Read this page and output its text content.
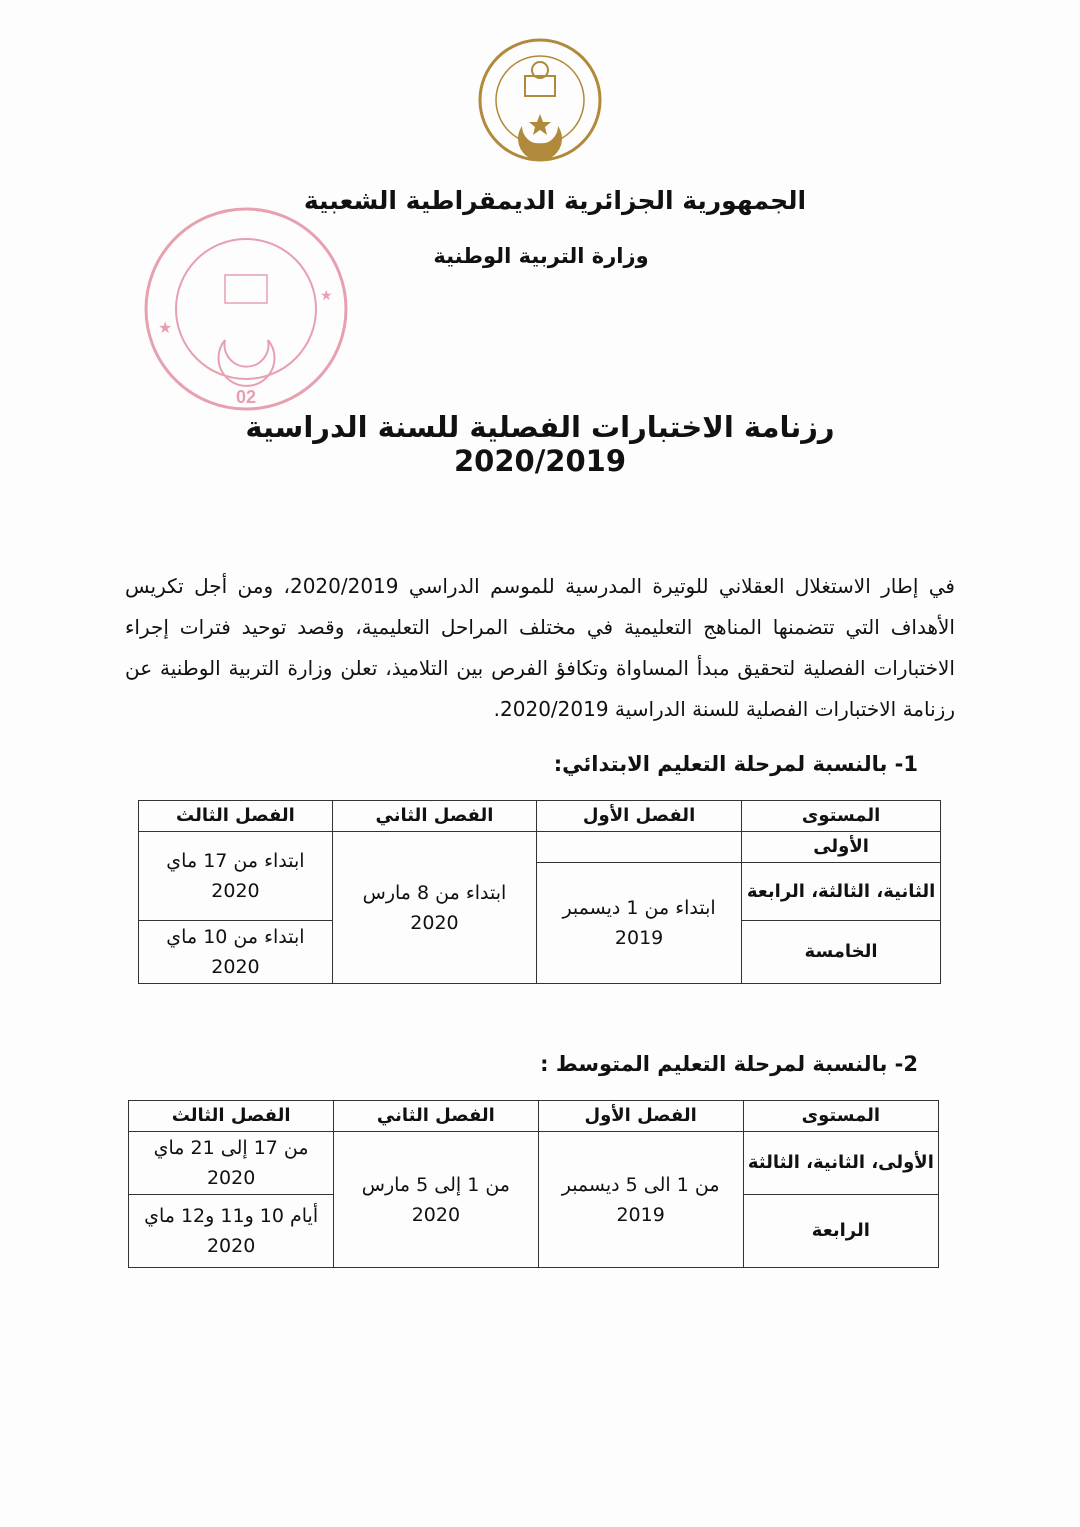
★
★
02
الجمهورية الجزائرية الديمقراطية الشعبية
وزارة التربية الوطنية
رزنامة الاختبارات الفصلية للسنة الدراسية 2020/2019
في إطار الاستغلال العقلاني للوتيرة المدرسية للموسم الدراسي 2020/2019، ومن أجل تكريس الأهداف التي تتضمنها المناهج التعليمية في مختلف المراحل التعليمية، وقصد توحيد فترات إجراء الاختبارات الفصلية لتحقيق مبدأ المساواة وتكافؤ الفرص بين التلاميذ، تعلن وزارة التربية الوطنية عن رزنامة الاختبارات الفصلية للسنة الدراسية 2020/2019.
1- بالنسبة لمرحلة التعليم الابتدائي:
المستوى	الفصل الأول	الفصل الثاني	الفصل الثالث
الأولى		ابتداء من 8 مارس 2020	ابتداء من 17 ماي 2020
الثانية، الثالثة، الرابعة	ابتداء من 1 ديسمبر 2019		
الخامسة			ابتداء من 10 ماي 2020
2- بالنسبة لمرحلة التعليم المتوسط :
المستوى	الفصل الأول	الفصل الثاني	الفصل الثالث
الأولى، الثانية، الثالثة	من 1 الى 5 ديسمبر 2019	من 1 إلى 5 مارس 2020	من 17 إلى 21 ماي 2020
الرابعة			أيام 10 و11 و12 ماي 2020
